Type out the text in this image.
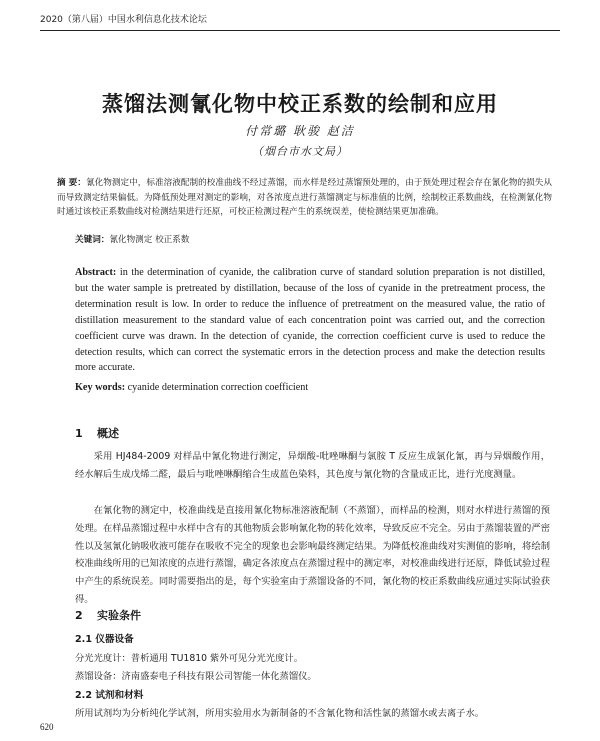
2020（第八届）中国水利信息化技术论坛
蒸馏法测氰化物中校正系数的绘制和应用
付常璐 耿骏 赵洁
（烟台市水文局）
摘 要：氰化物测定中，标准溶液配制的校准曲线不经过蒸馏，而水样是经过蒸馏预处理的，由于预处理过程会存在氰化物的损失从而导致测定结果偏低。为降低预处理对测定的影响，对各浓度点进行蒸馏测定与标准值的比例，绘制校正系数曲线，在检测氰化物时通过该校正系数曲线对检测结果进行还原，可校正检测过程产生的系统误差，使检测结果更加准确。
关键词：氰化物测定 校正系数
Abstract: in the determination of cyanide, the calibration curve of standard solution preparation is not distilled, but the water sample is pretreated by distillation, because of the loss of cyanide in the pretreatment process, the determination result is low. In order to reduce the influence of pretreatment on the measured value, the ratio of distillation measurement to the standard value of each concentration point was carried out, and the correction coefficient curve was drawn. In the detection of cyanide, the correction coefficient curve is used to reduce the detection results, which can correct the systematic errors in the detection process and make the detection results more accurate.
Key words: cyanide determination correction coefficient
1 概述
采用 HJ484-2009 对样品中氰化物进行测定，异烟酸-吡唑啉酮与氯胺 T 反应生成氯化氰，再与异烟酸作用，经水解后生成戊烯二醛，最后与吡唑啉酮缩合生成蓝色染料，其色度与氰化物的含量成正比，进行光度测量。
在氰化物的测定中，校准曲线是直接用氰化物标准溶液配制（不蒸馏），而样品的检测，则对水样进行蒸馏的预处理。在样品蒸馏过程中水样中含有的其他物质会影响氰化物的转化效率，导致反应不完全。另由于蒸馏装置的严密性以及氢氰化钠吸收液可能存在吸收不完全的现象也会影响最终测定结果。为降低校准曲线对实测值的影响，将绘制校准曲线所用的已知浓度的点进行蒸馏，确定各浓度点在蒸馏过程中的测定率，对校准曲线进行还原，降低试验过程中产生的系统误差。同时需要指出的是，每个实验室由于蒸馏设备的不同，氰化物的校正系数曲线应通过实际试验获得。
2 实验条件
2.1 仪器设备
分光光度计：普析通用 TU1810 紫外可见分光光度计。
蒸馏设备：济南盛泰电子科技有限公司智能一体化蒸馏仪。
2.2 试剂和材料
所用试剂均为分析纯化学试剂，所用实验用水为新制备的不含氰化物和活性氯的蒸馏水或去离子水。
620
